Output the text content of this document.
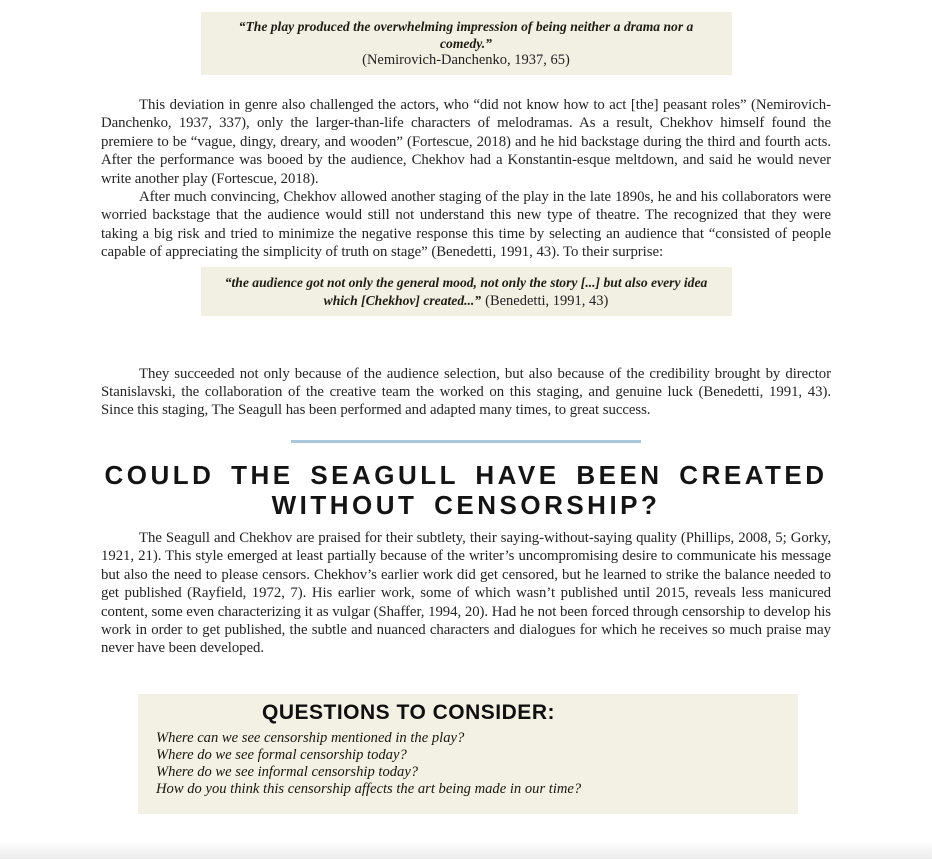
“The play produced the overwhelming impression of being neither a drama nor a comedy.”
(Nemirovich-Danchenko, 1937, 65)

This deviation in genre also challenged the actors, who “did not know how to act [the] peasant roles” (Nemirovich-Danchenko, 1937, 337), only the larger-than-life characters of melodramas. As a result, Chekhov himself found the premiere to be “vague, dingy, dreary, and wooden” (Fortescue, 2018) and he hid backstage during the third and fourth acts. After the performance was booed by the audience, Chekhov had a Konstantin-esque meltdown, and said he would never write another play (Fortescue, 2018).

After much convincing, Chekhov allowed another staging of the play in the late 1890s, he and his collaborators were worried backstage that the audience would still not understand this new type of theatre. The recognized that they were taking a big risk and tried to minimize the negative response this time by selecting an audience that “consisted of people capable of appreciating the simplicity of truth on stage” (Benedetti, 1991, 43). To their surprise:

“the audience got not only the general mood, not only the story [...] but also every idea which [Chekhov] created...” (Benedetti, 1991, 43)

They succeeded not only because of the audience selection, but also because of the credibility brought by director Stanislavski, the collaboration of the creative team the worked on this staging, and genuine luck (Benedetti, 1991, 43). Since this staging, The Seagull has been performed and adapted many times, to great success.

COULD THE SEAGULL HAVE BEEN CREATED WITHOUT CENSORSHIP?

The Seagull and Chekhov are praised for their subtlety, their saying-without-saying quality (Phillips, 2008, 5; Gorky, 1921, 21). This style emerged at least partially because of the writer’s uncompromising desire to communicate his message but also the need to please censors. Chekhov’s earlier work did get censored, but he learned to strike the balance needed to get published (Rayfield, 1972, 7). His earlier work, some of which wasn’t published until 2015, reveals less manicured content, some even characterizing it as vulgar (Shaffer, 1994, 20). Had he not been forced through censorship to develop his work in order to get published, the subtle and nuanced characters and dialogues for which he receives so much praise may never have been developed.

QUESTIONS TO CONSIDER:
Where can we see censorship mentioned in the play?
Where do we see formal censorship today?
Where do we see informal censorship today?
How do you think this censorship affects the art being made in our time?
